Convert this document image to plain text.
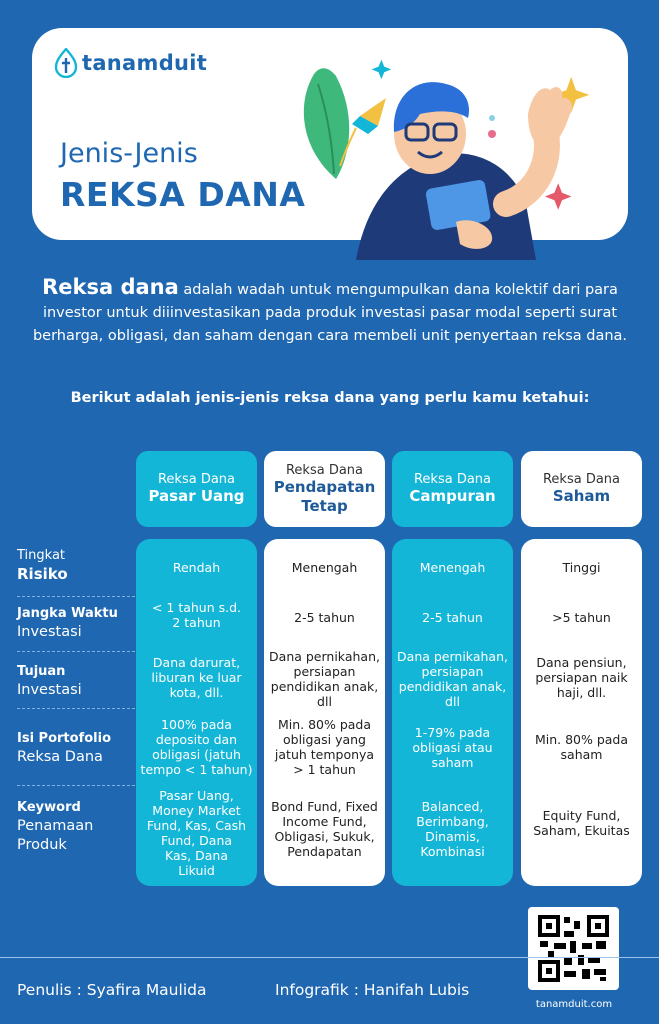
tanamduit
Jenis-Jenis
REKSA DANA

Reksa dana adalah wadah untuk mengumpulkan dana kolektif dari para investor untuk diiinvestasikan pada produk investasi pasar modal seperti surat berharga, obligasi, dan saham dengan cara membeli unit penyertaan reksa dana.

Berikut adalah jenis-jenis reksa dana yang perlu kamu ketahui:
Reksa Dana
Pasar Uang
Reksa Dana
Pendapatan Tetap
Reksa Dana
Campuran
Reksa Dana
Saham
Tingkat

Risiko
Jangka Waktu
Investasi
Tujuan
Investasi
Isi Portofolio
Reksa Dana
Keyword
Penamaan Produk
Rendah
< 1 tahun s.d. 2 tahun
Dana darurat, liburan ke luar kota, dll.
100% pada deposito dan obligasi (jatuh tempo < 1 tahun)
Pasar Uang, Money Market Fund, Kas, Cash Fund, Dana Kas, Dana Likuid
Menengah
2-5 tahun
Dana pernikahan, persiapan pendidikan anak, dll
Min. 80% pada obligasi yang jatuh temponya > 1 tahun
Bond Fund, Fixed Income Fund, Obligasi, Sukuk, Pendapatan
Menengah
2-5 tahun
Dana pernikahan, persiapan pendidikan anak, dll
1-79% pada obligasi atau saham
Balanced, Berimbang, Dinamis, Kombinasi
Tinggi
>5 tahun
Dana pensiun, persiapan naik haji, dll.
Min. 80% pada saham
Equity Fund, Saham, Ekuitas
tanamduit.com
Penulis : Syafira Maulida	Infografik : Hanifah Lubis
